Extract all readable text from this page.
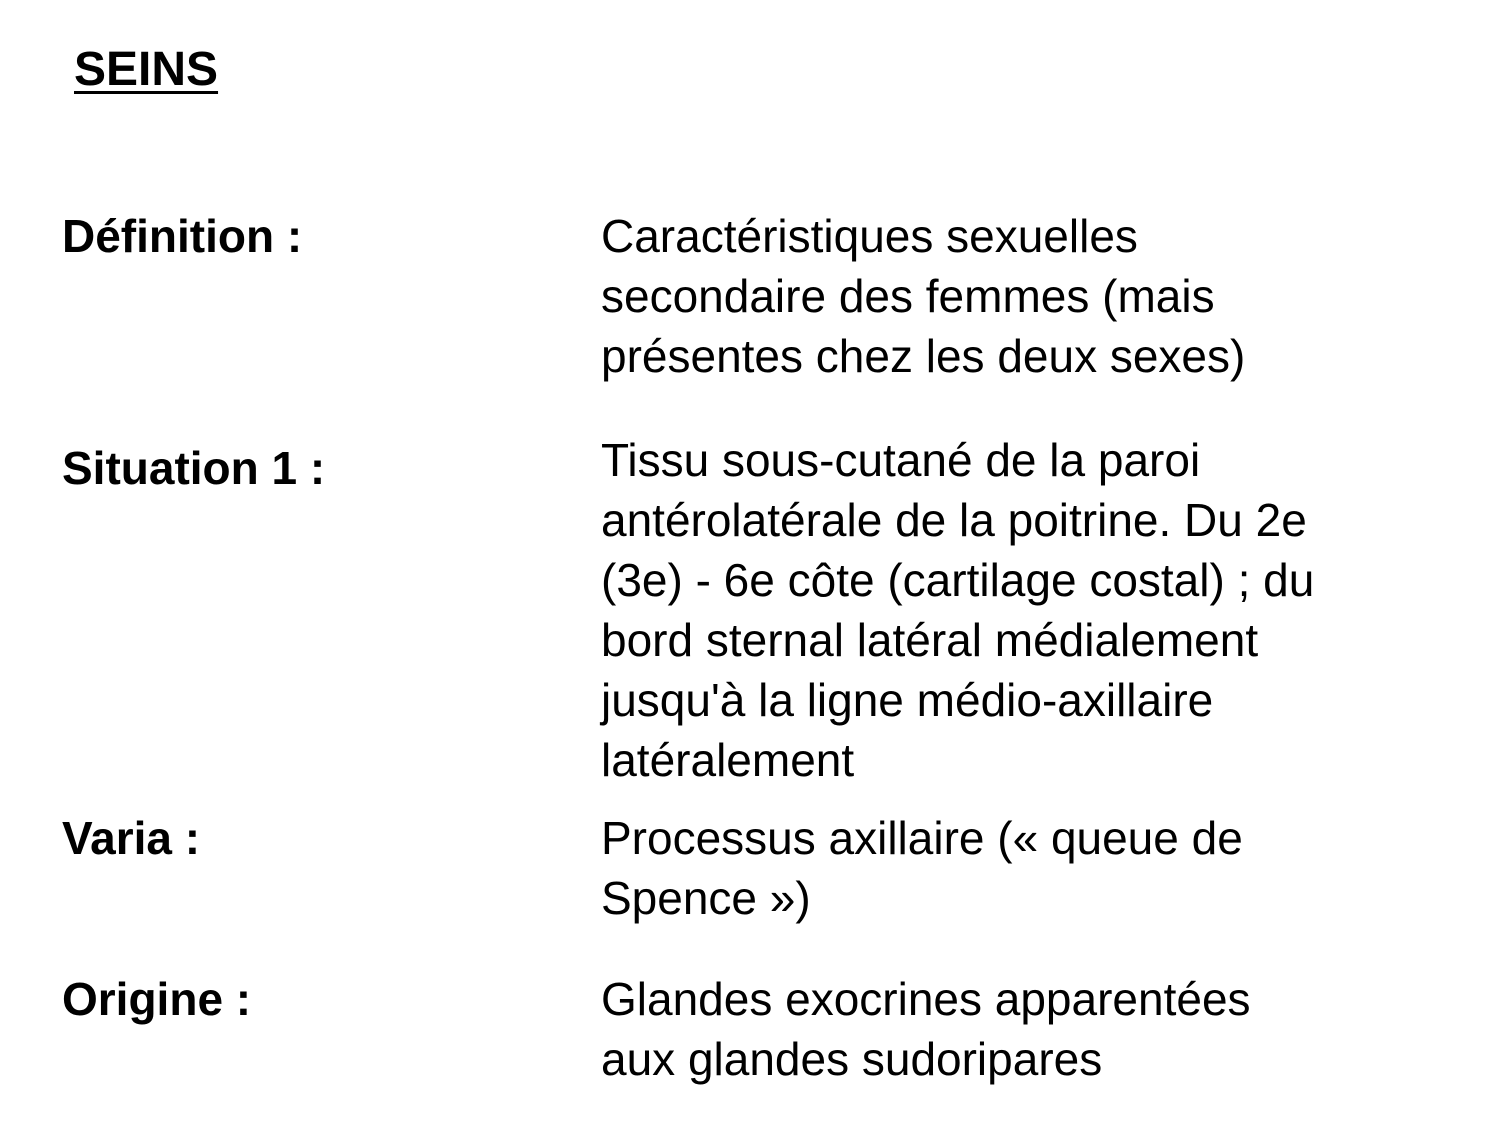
SEINS
Définition :	Caractéristiques sexuelles
secondaire des femmes (mais
présentes chez les deux sexes)
Situation 1 :	Tissu sous-cutané de la paroi
antérolatérale de la poitrine. Du 2e
(3e) - 6e côte (cartilage costal) ; du
bord sternal latéral médialement
jusqu'à la ligne médio-axillaire
latéralement
Varia :	Processus axillaire (« queue de
Spence »)
Origine :	Glandes exocrines apparentées
aux glandes sudoripares
